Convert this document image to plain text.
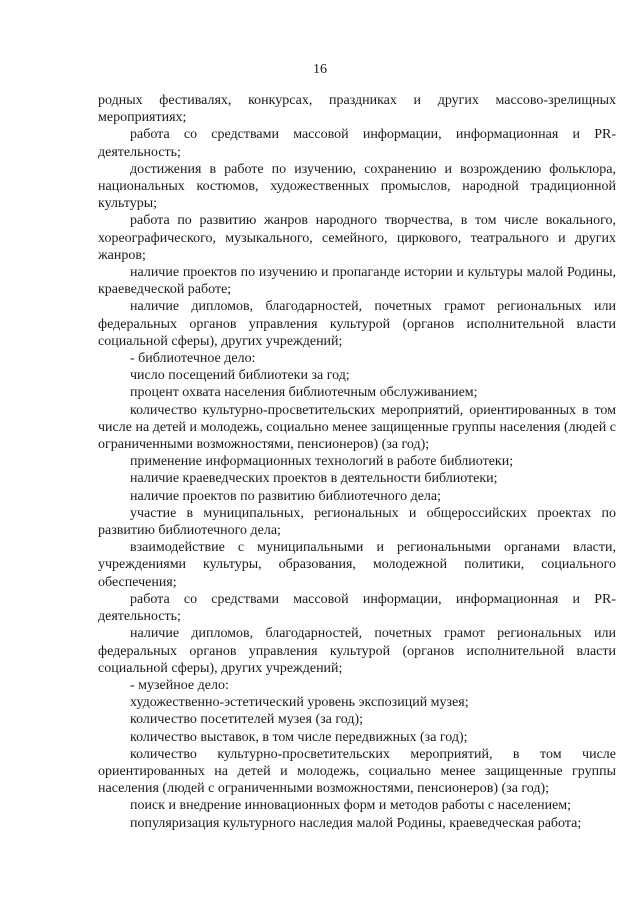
16

родных фестивалях, конкурсах, праздниках и других массово-зрелищных мероприятиях;

работа со средствами массовой информации, информационная и PR-деятельность;

достижения в работе по изучению, сохранению и возрождению фольклора, национальных костюмов, художественных промыслов, народной традиционной культуры;

работа по развитию жанров народного творчества, в том числе вокального, хореографического, музыкального, семейного, циркового, театрального и других жанров;

наличие проектов по изучению и пропаганде истории и культуры малой Родины, краеведческой работе;

наличие дипломов, благодарностей, почетных грамот региональных или федеральных органов управления культурой (органов исполнительной власти социальной сферы), других учреждений;

- библиотечное дело:

число посещений библиотеки за год;

процент охвата населения библиотечным обслуживанием;

количество культурно-просветительских мероприятий, ориентированных в том числе на детей и молодежь, социально менее защищенные группы населения (людей с ограниченными возможностями, пенсионеров) (за год);

применение информационных технологий в работе библиотеки;

наличие краеведческих проектов в деятельности библиотеки;

наличие проектов по развитию библиотечного дела;

участие в муниципальных, региональных и общероссийских проектах по развитию библиотечного дела;

взаимодействие с муниципальными и региональными органами власти, учреждениями культуры, образования, молодежной политики, социального обеспечения;

работа со средствами массовой информации, информационная и PR-деятельность;

наличие дипломов, благодарностей, почетных грамот региональных или федеральных органов управления культурой (органов исполнительной власти социальной сферы), других учреждений;

- музейное дело:

художественно-эстетический уровень экспозиций музея;

количество посетителей музея (за год);

количество выставок, в том числе передвижных (за год);

количество культурно-просветительских мероприятий, в том числе ориентированных на детей и молодежь, социально менее защищенные группы населения (людей с ограниченными возможностями, пенсионеров) (за год);

поиск и внедрение инновационных форм и методов работы с населением;

популяризация культурного наследия малой Родины, краеведческая работа;
